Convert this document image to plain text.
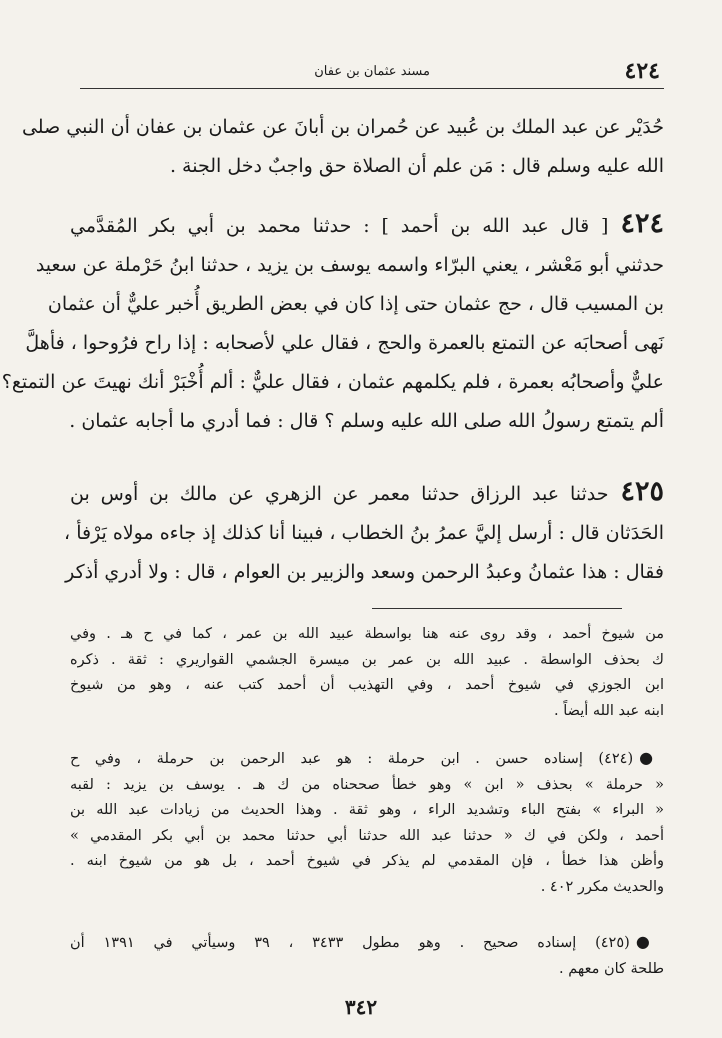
٤٢٤
مسند عثمان بن عفان
حُدَيْر عن عبد الملك بن عُبيد عن حُمران بن أبانَ عن عثمان بن عفان أن النبي صلى
الله عليه وسلم قال : مَن علم أن الصلاة حق واجبٌ دخل الجنة .
٤٢٤[ قال عبد الله بن أحمد ] : حدثنا محمد بن أبي بكر المُقدَّمي
حدثني أبو مَعْشر ، يعني البرّاء واسمه يوسف بن يزيد ، حدثنا ابنُ حَرْملة عن سعيد
بن المسيب قال ، حج عثمان حتى إذا كان في بعض الطريق أُخبر عليٌّ أن عثمان
نَهى أصحابَه عن التمتع بالعمرة والحج ، فقال علي لأصحابه : إذا راح فرُوحوا ، فأهلَّ
عليٌّ وأصحابُه بعمرة ، فلم يكلمهم عثمان ، فقال عليٌّ : ألم أُخْبَرْ أنك نهيتَ عن التمتع؟
ألم يتمتع رسولُ الله صلى الله عليه وسلم ؟ قال : فما أدري ما أجابه عثمان .
٤٢٥حدثنا عبد الرزاق حدثنا معمر عن الزهري عن مالك بن أوس بن
الحَدَثان قال : أرسل إليَّ عمرُ بنُ الخطاب ، فبينا أنا كذلك إذ جاءه مولاه يَرْفأ ،
فقال : هذا عثمانُ وعبدُ الرحمن وسعد والزبير بن العوام ، قال : ولا أدري أذكر
من شيوخ أحمد ، وقد روى عنه هنا بواسطة عبيد الله بن عمر ، كما في ح هـ . وفي
ك بحذف الواسطة . عبيد الله بن عمر بن ميسرة الجشمي القواريري : ثقة . ذكره
ابن الجوزي في شيوخ أحمد ، وفي التهذيب أن أحمد كتب عنه ، وهو من شيوخ
ابنه عبد الله أيضاً .
●(٤٢٤) إسناده حسن . ابن حرملة : هو عبد الرحمن بن حرملة ، وفي ح
« حرملة » بحذف « ابن » وهو خطأ صححناه من ك هـ . يوسف بن يزيد : لقبه
« البراء » بفتح الباء وتشديد الراء ، وهو ثقة . وهذا الحديث من زيادات عبد الله بن
أحمد ، ولكن في ك « حدثنا عبد الله حدثنا أبي حدثنا محمد بن أبي بكر المقدمي »
وأظن هذا خطأ ، فإن المقدمي لم يذكر في شيوخ أحمد ، بل هو من شيوخ ابنه .
والحديث مكرر ٤٠٢ .
●(٤٢٥) إسناده صحيح . وهو مطول ٣٤٣٣ ، ٣٩ وسيأتي في ١٣٩١ أن
طلحة كان معهم .
٣٤٢
